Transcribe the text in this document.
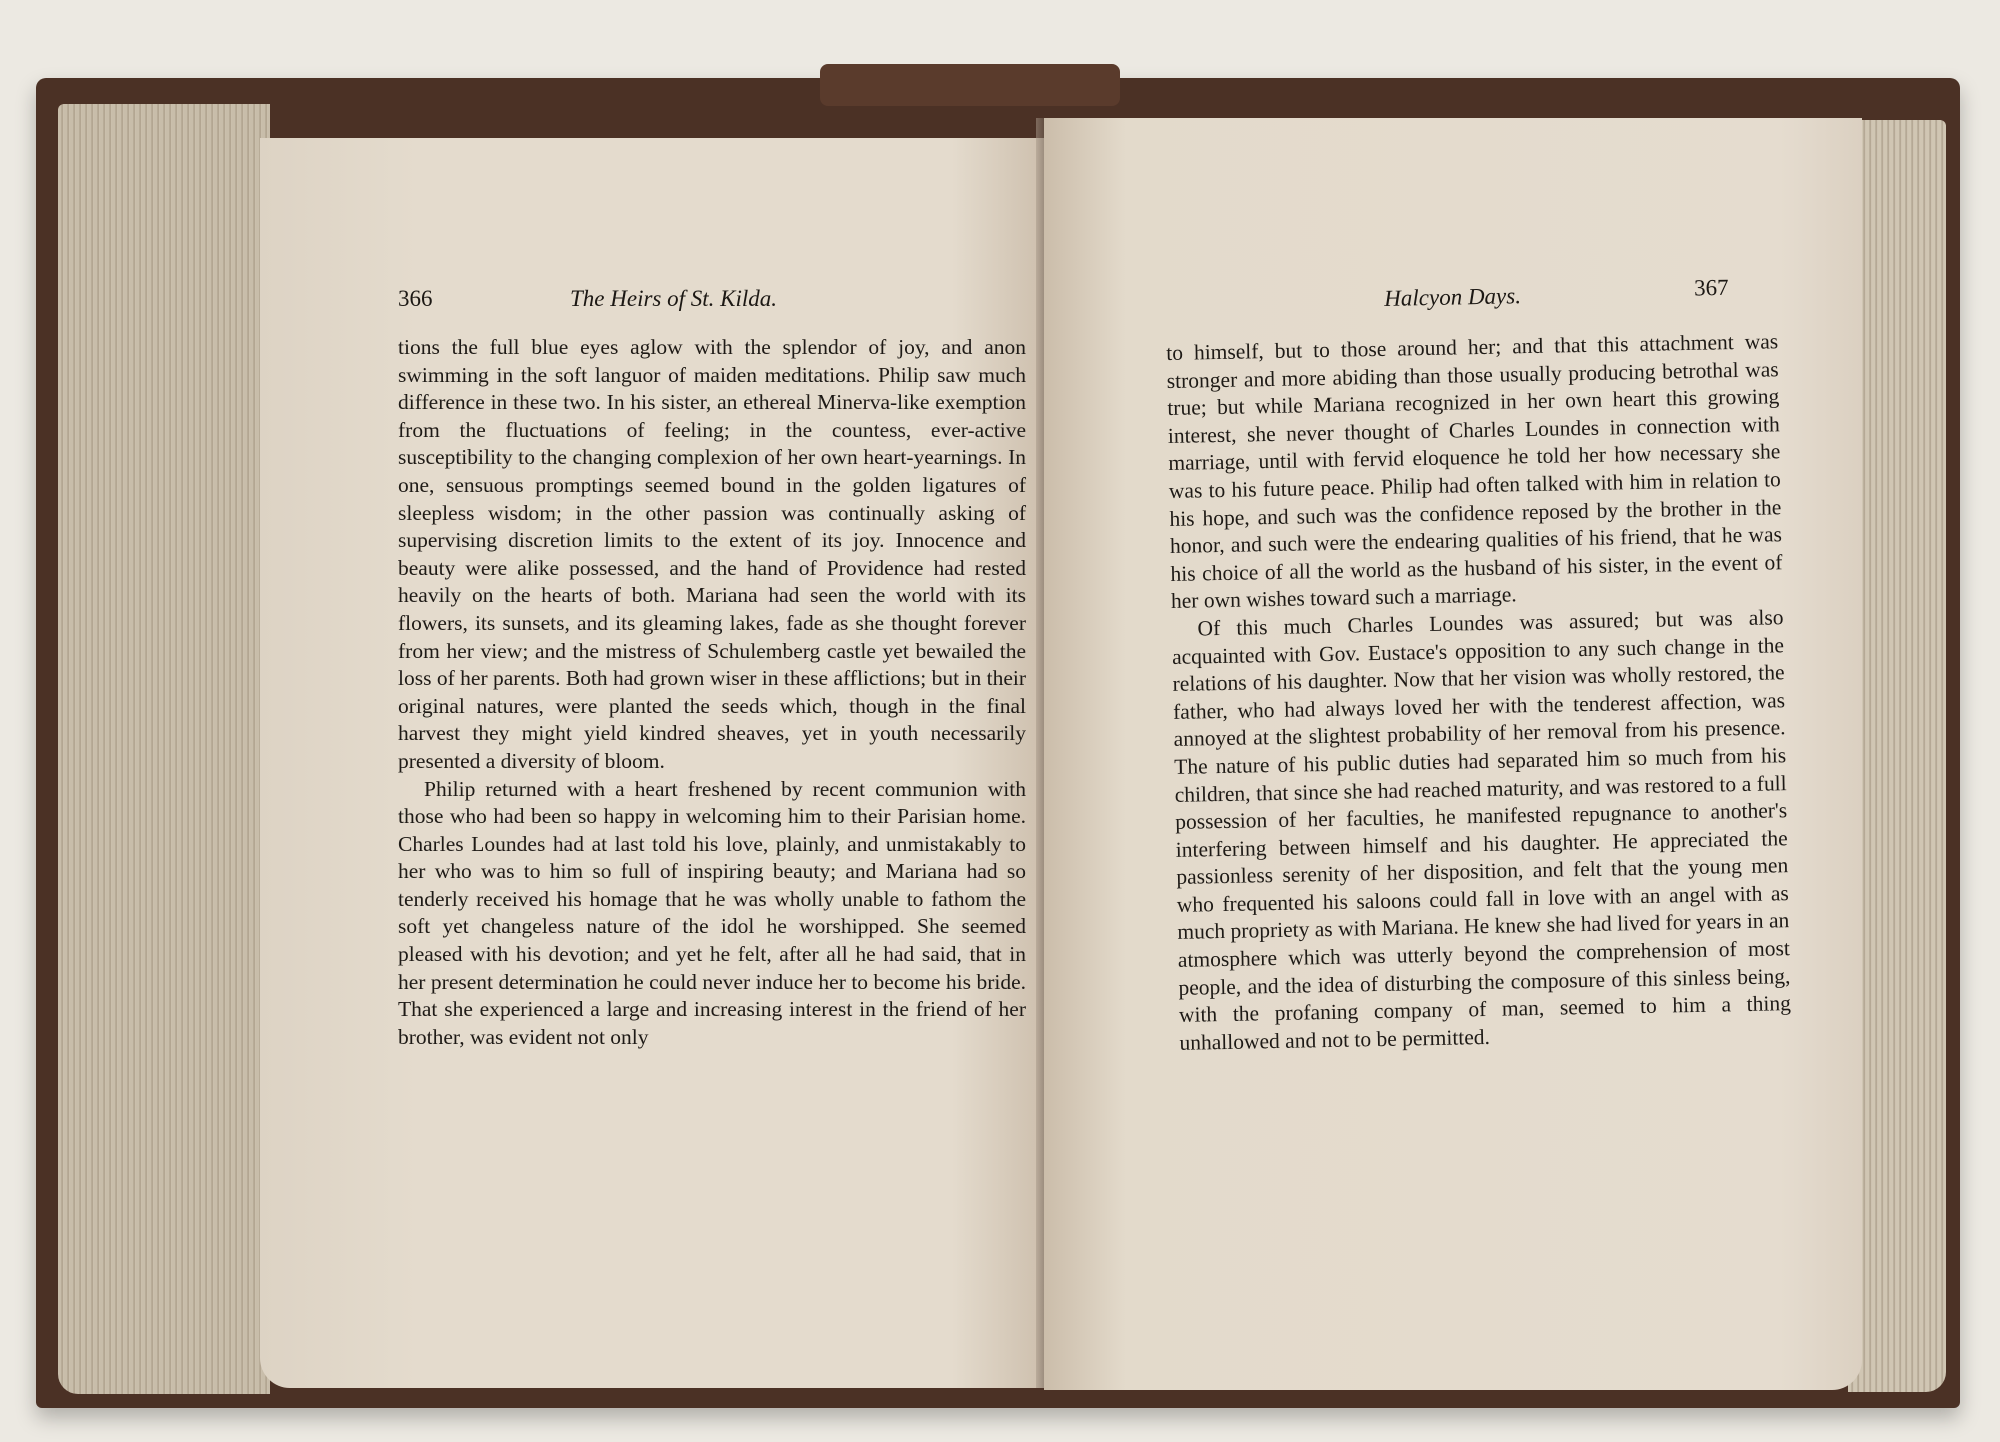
366	The Heirs of St. Kilda.

tions the full blue eyes aglow with the splendor of joy, and anon swimming in the soft languor of maiden meditations. Philip saw much difference in these two. In his sister, an ethereal Minerva-like exemption from the fluctuations of feeling; in the countess, ever-active susceptibility to the changing complexion of her own heart-yearnings. In one, sensuous promptings seemed bound in the golden ligatures of sleepless wisdom; in the other passion was continually asking of supervising discretion limits to the extent of its joy. Innocence and beauty were alike possessed, and the hand of Providence had rested heavily on the hearts of both. Mariana had seen the world with its flowers, its sunsets, and its gleaming lakes, fade as she thought forever from her view; and the mistress of Schulemberg castle yet bewailed the loss of her parents. Both had grown wiser in these afflictions; but in their original natures, were planted the seeds which, though in the final harvest they might yield kindred sheaves, yet in youth necessarily presented a diversity of bloom.

Philip returned with a heart freshened by recent communion with those who had been so happy in welcoming him to their Parisian home. Charles Loundes had at last told his love, plainly, and unmistakably to her who was to him so full of inspiring beauty; and Mariana had so tenderly received his homage that he was wholly unable to fathom the soft yet changeless nature of the idol he worshipped. She seemed pleased with his devotion; and yet he felt, after all he had said, that in her present determination he could never induce her to become his bride. That she experienced a large and increasing interest in the friend of her brother, was evident not only

Halcyon Days.	367

to himself, but to those around her; and that this attachment was stronger and more abiding than those usually producing betrothal was true; but while Mariana recognized in her own heart this growing interest, she never thought of Charles Loundes in connection with marriage, until with fervid eloquence he told her how necessary she was to his future peace. Philip had often talked with him in relation to his hope, and such was the confidence reposed by the brother in the honor, and such were the endearing qualities of his friend, that he was his choice of all the world as the husband of his sister, in the event of her own wishes toward such a marriage.

Of this much Charles Loundes was assured; but was also acquainted with Gov. Eustace's opposition to any such change in the relations of his daughter. Now that her vision was wholly restored, the father, who had always loved her with the tenderest affection, was annoyed at the slightest probability of her removal from his presence. The nature of his public duties had separated him so much from his children, that since she had reached maturity, and was restored to a full possession of her faculties, he manifested repugnance to another's interfering between himself and his daughter. He appreciated the passionless serenity of her disposition, and felt that the young men who frequented his saloons could fall in love with an angel with as much propriety as with Mariana. He knew she had lived for years in an atmosphere which was utterly beyond the comprehension of most people, and the idea of disturbing the composure of this sinless being, with the profaning company of man, seemed to him a thing unhallowed and not to be permitted.
